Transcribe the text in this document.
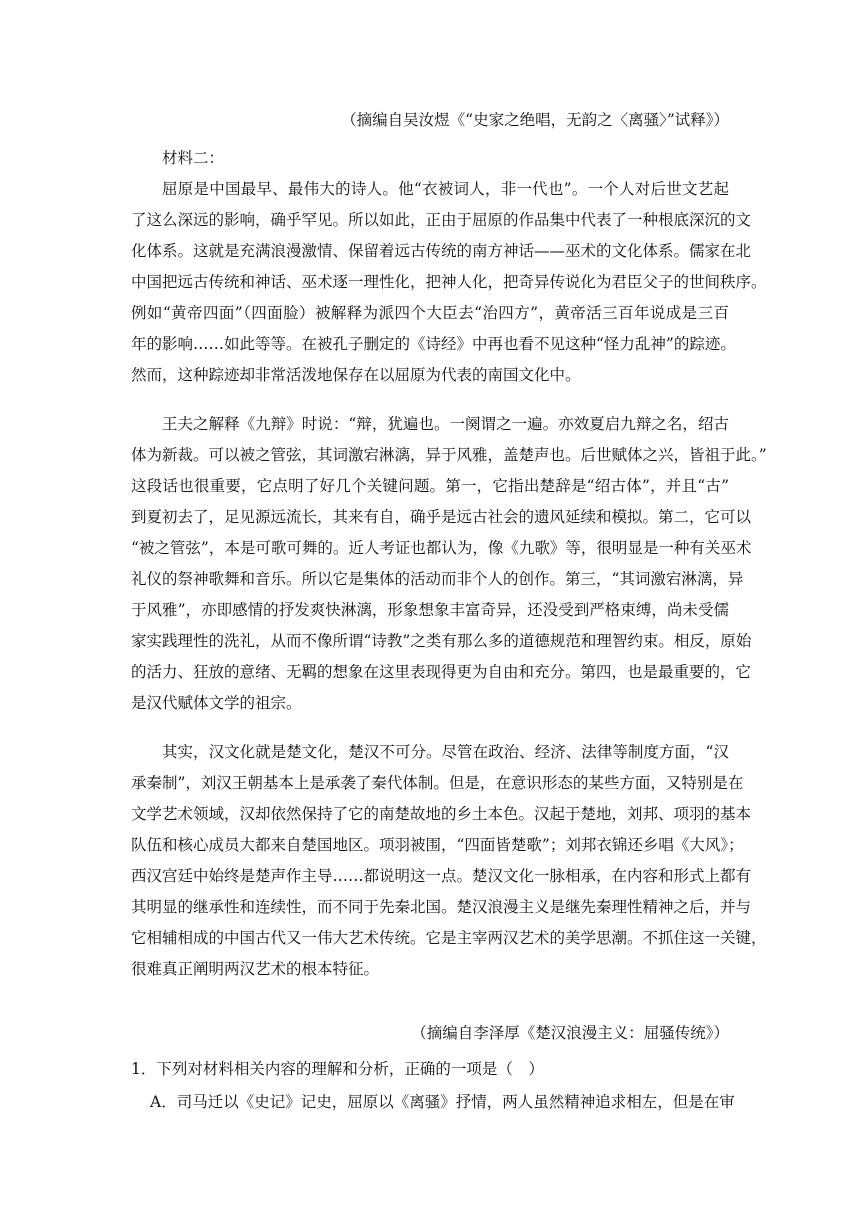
（摘编自吴汝煜《“史家之绝唱，无韵之〈离骚〉”试释》）
材料二：
屈原是中国最早、最伟大的诗人。他“衣被词人，非一代也”。一个人对后世文艺起
了这么深远的影响，确乎罕见。所以如此，正由于屈原的作品集中代表了一种根底深沉的文
化体系。这就是充满浪漫激情、保留着远古传统的南方神话——巫术的文化体系。儒家在北
中国把远古传统和神话、巫术逐一理性化，把神人化，把奇异传说化为君臣父子的世间秩序。
例如“黄帝四面”（四面脸）被解释为派四个大臣去“治四方”，黄帝活三百年说成是三百
年的影响……如此等等。在被孔子删定的《诗经》中再也看不见这种“怪力乱神”的踪迹。
然而，这种踪迹却非常活泼地保存在以屈原为代表的南国文化中。
王夫之解释《九辩》时说：“辩，犹遍也。一阕谓之一遍。亦效夏启九辩之名，绍古
体为新裁。可以被之管弦，其词激宕淋漓，异于风雅，盖楚声也。后世赋体之兴，皆祖于此。”
这段话也很重要，它点明了好几个关键问题。第一，它指出楚辞是“绍古体”，并且“古”
到夏初去了，足见源远流长，其来有自，确乎是远古社会的遗风延续和模拟。第二，它可以
“被之管弦”，本是可歌可舞的。近人考证也都认为，像《九歌》等，很明显是一种有关巫术
礼仪的祭神歌舞和音乐。所以它是集体的活动而非个人的创作。第三，“其词激宕淋漓，异
于风雅”，亦即感情的抒发爽快淋漓，形象想象丰富奇异，还没受到严格束缚，尚未受儒
家实践理性的洗礼，从而不像所谓“诗教”之类有那么多的道德规范和理智约束。相反，原始
的活力、狂放的意绪、无羁的想象在这里表现得更为自由和充分。第四，也是最重要的，它
是汉代赋体文学的祖宗。
其实，汉文化就是楚文化，楚汉不可分。尽管在政治、经济、法律等制度方面，“汉
承秦制”，刘汉王朝基本上是承袭了秦代体制。但是，在意识形态的某些方面，又特别是在
文学艺术领域，汉却依然保持了它的南楚故地的乡土本色。汉起于楚地，刘邦、项羽的基本
队伍和核心成员大都来自楚国地区。项羽被围，“四面皆楚歌”；刘邦衣锦还乡唱《大风》；
西汉宫廷中始终是楚声作主导……都说明这一点。楚汉文化一脉相承，在内容和形式上都有
其明显的继承性和连续性，而不同于先秦北国。楚汉浪漫主义是继先秦理性精神之后，并与
它相辅相成的中国古代又一伟大艺术传统。它是主宰两汉艺术的美学思潮。不抓住这一关键，
很难真正阐明两汉艺术的根本特征。
（摘编自李泽厚《楚汉浪漫主义：屈骚传统》）
1．下列对材料相关内容的理解和分析，正确的一项是（　）
A．司马迁以《史记》记史，屈原以《离骚》抒情，两人虽然精神追求相左，但是在审
